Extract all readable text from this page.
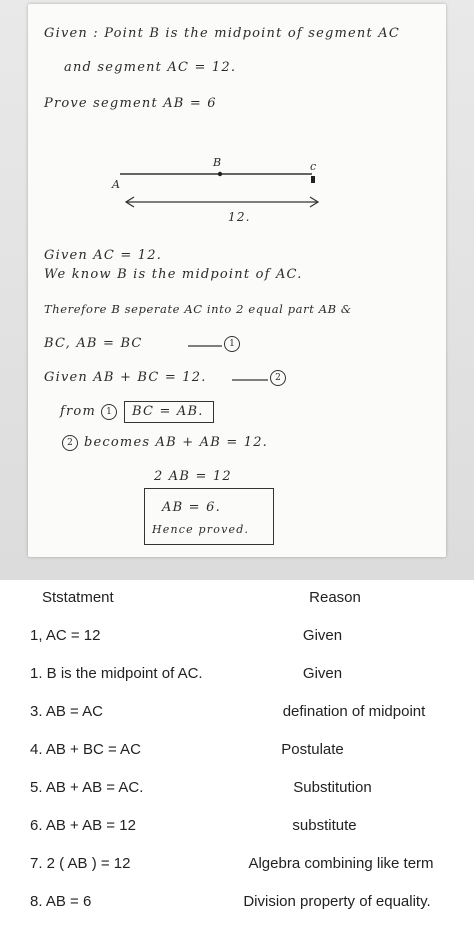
Given : Point B is the midpoint of segment AC
and segment AC = 12.
Prove segment AB = 6
B	c
A
12.
Given AC = 12.
We know B is the midpoint of AC.
Therefore B seperate AC into 2 equal part AB &
BC, AB = BC	1
Given AB + BC = 12.	2
from	1	BC = AB.
2 becomes AB + AB = 12.
2 AB = 12
AB = 6.
Hence proved.
Ststatment	Reason
1, AC = 12	Given
1. B is the midpoint of AC.	Given
3. AB = AC	defination of midpoint
4. AB + BC = AC	Postulate
5. AB + AB = AC.	Substitution
6. AB + AB = 12	substitute
7. 2 ( AB ) = 12	Algebra combining like term
8. AB = 6	Division property of equality.
